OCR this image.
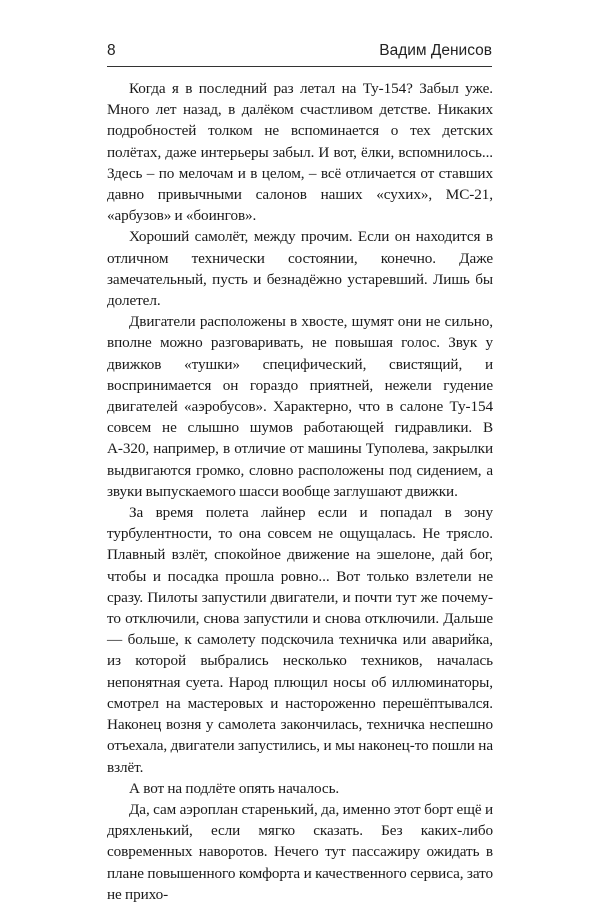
8	Вадим Денисов

Когда я в последний раз летал на Ту-154? Забыл уже. Много лет назад, в далёком счастливом детстве. Никаких подробностей толком не вспоминается о тех детских полётах, даже интерьеры забыл. И вот, ёлки, вспомнилось... Здесь – по мелочам и в целом, – всё отличается от ставших давно привычными салонов наших «сухих», МС-21, «арбузов» и «боингов».

Хороший самолёт, между прочим. Если он находится в отличном технически состоянии, конечно. Даже замечательный, пусть и безнадёжно устаревший. Лишь бы долетел.

Двигатели расположены в хвосте, шумят они не сильно, вполне можно разговаривать, не повышая голос. Звук у движков «тушки» специфический, свистящий, и воспринимается он гораздо приятней, нежели гудение двигателей «аэробусов». Характерно, что в салоне Ту-154 совсем не слышно шумов работающей гидравлики. В А-320, например, в отличие от машины Туполева, закрылки выдвигаются громко, словно расположены под сидением, а звуки выпускаемого шасси вообще заглушают движки.

За время полета лайнер если и попадал в зону турбулентности, то она совсем не ощущалась. Не трясло. Плавный взлёт, спокойное движение на эшелоне, дай бог, чтобы и посадка прошла ровно... Вот только взлетели не сразу. Пилоты запустили двигатели, и почти тут же почему-то отключили, снова запустили и снова отключили. Дальше — больше, к самолету подскочила техничка или аварийка, из которой выбрались несколько техников, началась непонятная суета. Народ плющил носы об иллюминаторы, смотрел на мастеровых и настороженно перешёптывался. Наконец возня у самолета закончилась, техничка неспешно отъехала, двигатели запустились, и мы наконец-то пошли на взлёт.

А вот на подлёте опять началось.

Да, сам аэроплан старенький, да, именно этот борт ещё и дряхленький, если мягко сказать. Без каких-либо современных наворотов. Нечего тут пассажиру ожидать в плане повышенного комфорта и качественного сервиса, зато не прихо-
